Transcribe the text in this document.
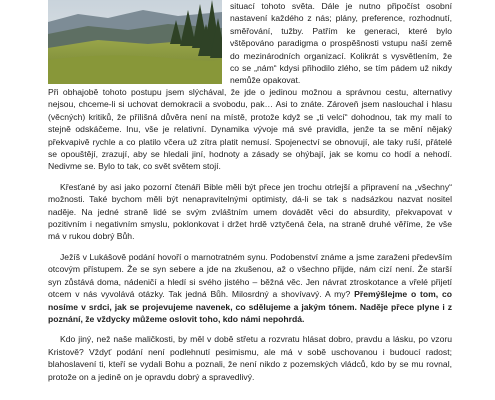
situací tohoto světa. Dále je nutno připočíst osobní nastavení každého z nás; plány, preference, rozhodnutí, směřování, tužby. Patřím ke generaci, které bylo vštěpováno paradigma o prospěšnosti vstupu naší země do mezinárodních organizací. Kolikrát s vysvětlením, že co se „nám“ kdysi přihodilo zlého, se tím pádem už nikdy nemůže opakovat.

Při obhajobě tohoto postupu jsem slýchával, že jde o jedinou možnou a správnou cestu, alternativy nejsou, chceme-li si uchovat demokracii a svobodu, pak… Asi to znáte. Zároveň jsem naslouchal i hlasu (věcných) kritiků, že přílišná důvěra není na místě, protože když se „ti velcí“ dohodnou, tak my malí to stejně odskáčeme. Inu, vše je relativní. Dynamika vývoje má své pravidla, jenže ta se mění nějaký překvapivě rychle a co platilo včera už zítra platit nemusí. Spojenectví se obnovují, ale taky ruší, přátelé se opouštějí, zrazují, aby se hledali jiní, hodnoty a zásady se ohýbají, jak se komu co hodí a nehodí. Nedivme se. Bylo to tak, co svět světem stojí.

Křesťané by asi jako pozorní čtenáři Bible měli být přece jen trochu otrlejší a připravení na „všechny“ možnosti. Také bychom měli být nenapravitelnými optimisty, dá-li se tak s nadsázkou nazvat nositel naděje. Na jedné straně lidé se svým zvláštním umem dovádět věci do absurdity, překvapovat v pozitivním i negativním smyslu, poklonkovat i držet hrdě vztyčená čela, na straně druhé věříme, že vše má v rukou dobrý Bůh.

Ježíš v Lukášově podání hovoří o marnotratném synu. Podobenství známe a jsme zaraženi především otcovým přístupem. Že se syn sebere a jde na zkušenou, až o všechno přijde, nám cizí není. Že starší syn zůstává doma, nádeničí a hledí si svého jistého – běžná věc. Jen návrat ztroskotance a vřelé přijetí otcem v nás vyvolává otázky. Tak jedná Bůh. Milosrdný a shovívavý. A my? Přemýšlejme o tom, co nosíme v srdci, jak se projevujeme navenek, co sdělujeme a jakým tónem. Naděje přece plyne i z poznání, že vždycky můžeme oslovit toho, kdo námi nepohrdá.

Kdo jiný, než naše maličkosti, by měl v době střetu a rozvratu hlásat dobro, pravdu a lásku, po vzoru Kristově? Vždyť podání není podlehnutí pesimismu, ale má v sobě uschovanou i budoucí radost; blahoslavení ti, kteří se vydali Bohu a poznali, že není nikdo z pozemských vládců, kdo by se mu rovnal, protože on a jedině on je opravdu dobrý a spravedlivý.
